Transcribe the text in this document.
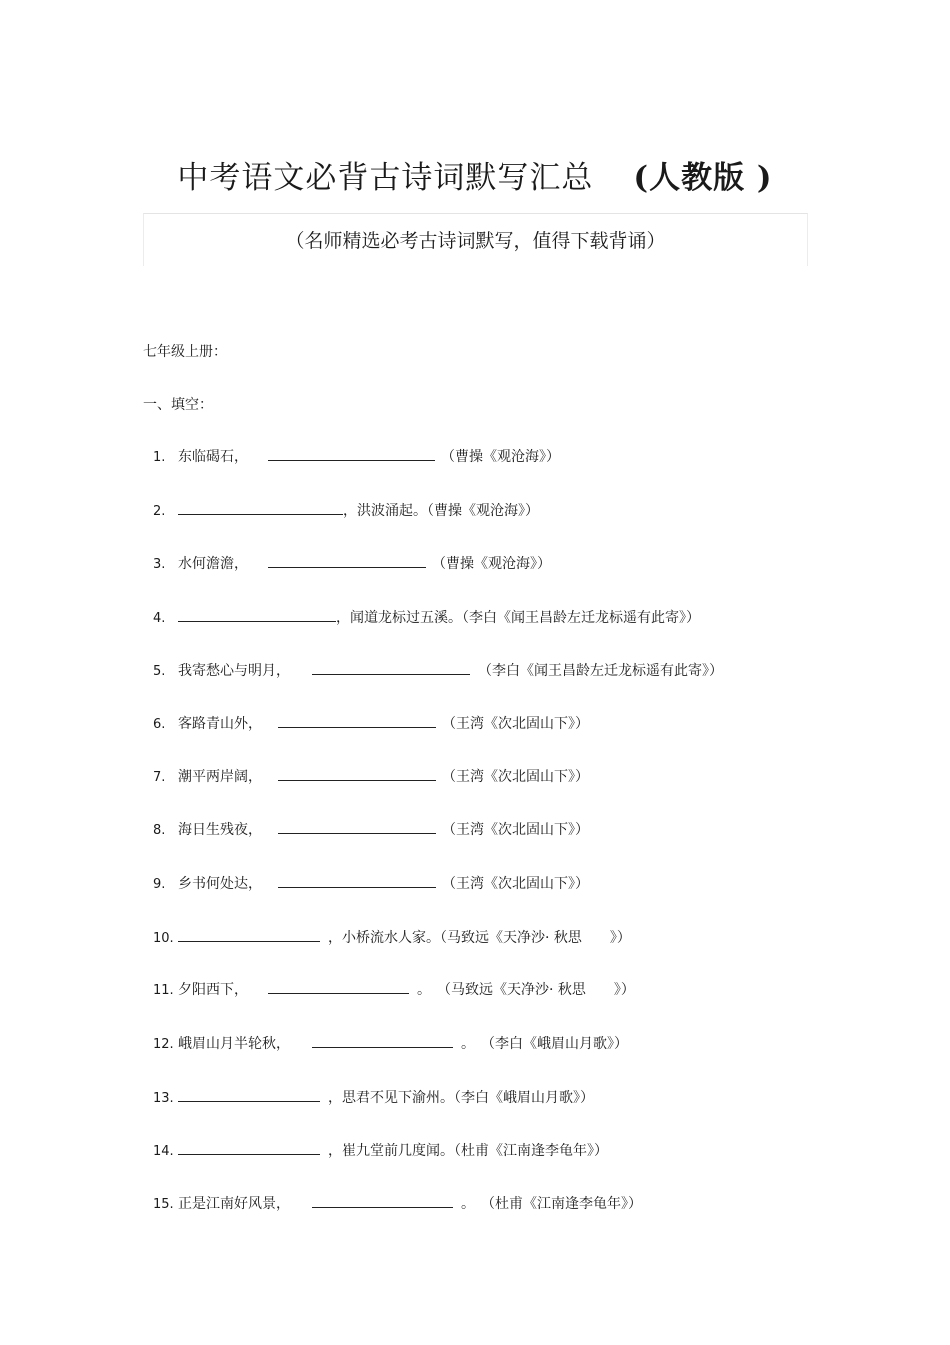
中考语文必背古诗词默写汇总 (人教版 )
（名师精选必考古诗词默写，值得下载背诵）
七年级上册：
一、填空：
1. 东临碣石，	（曹操《观沧海》）
2.	，洪波涌起。（曹操《观沧海》）
3. 水何澹澹，	（曹操《观沧海》）
4.	，闻道龙标过五溪。（李白《闻王昌龄左迁龙标遥有此寄》）
5. 我寄愁心与明月，	（李白《闻王昌龄左迁龙标遥有此寄》）
6. 客路青山外，	（王湾《次北固山下》）
7. 潮平两岸阔，	（王湾《次北固山下》）
8. 海日生残夜，	（王湾《次北固山下》）
9. 乡书何处达，	（王湾《次北固山下》）
10.	，小桥流水人家。（马致远《天净沙· 秋思　　》）
11. 夕阳西下，	。 （马致远《天净沙· 秋思　　》）
12. 峨眉山月半轮秋，	。 （李白《峨眉山月歌》）
13.	，思君不见下渝州。（李白《峨眉山月歌》）
14.	，崔九堂前几度闻。（杜甫《江南逢李龟年》）
15. 正是江南好风景，	。 （杜甫《江南逢李龟年》）
